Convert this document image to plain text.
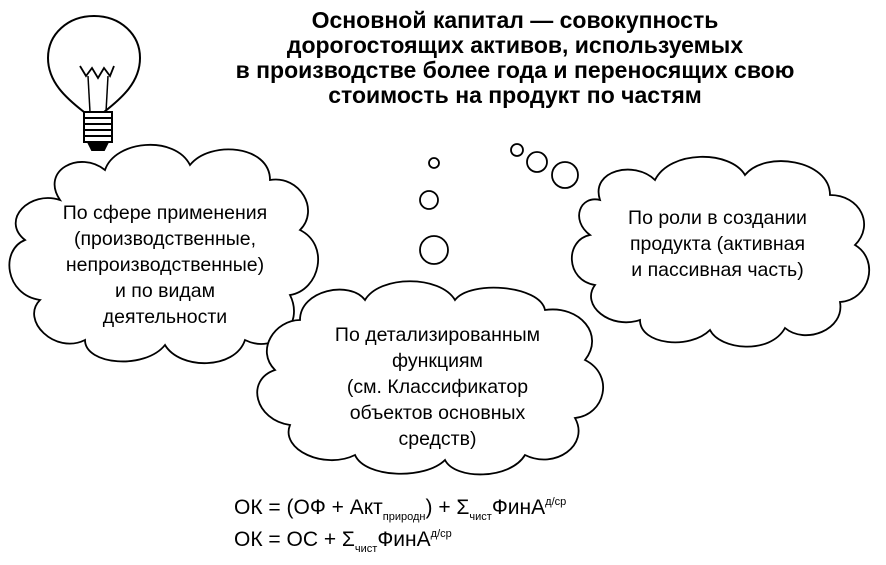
Основной капитал — совокупность
дорогостоящих активов, используемых
в производстве более года и переносящих свою
стоимость на продукт по частям
По сфере применения
(производственные,
непроизводственные)
и по видам
деятельности
По роли в создании
продукта (активная
и пассивная часть)
По детализированным
функциям
(см. Классификатор
объектов основных
средств)
ОК = $(ОФ + Акт_{природн}) + \Sigma_{чист}ФинА^{д/ср}$
ОК = ОС + $\Sigma_{чист}ФинА^{д/ср}$
